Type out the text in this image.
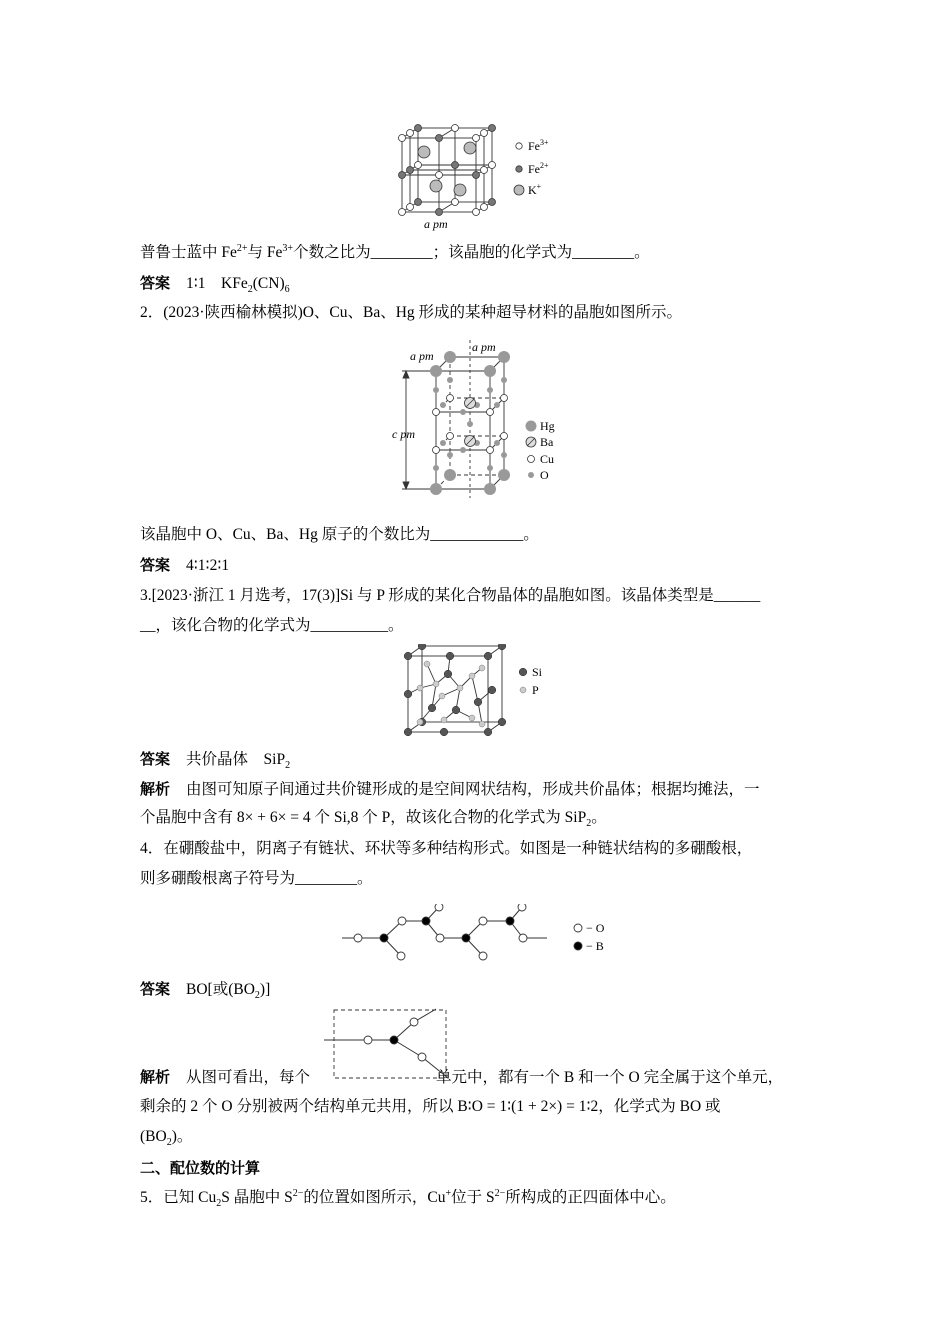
a pm
$Fe^{3+}$
$Fe^{2+}$
K+
普鲁士蓝中 $Fe^{2+}$与 $Fe^{3+}$个数之比为________；该晶胞的化学式为________。
答案 1∶1　$KFe_2(CN)_6$
2．(2023·陕西榆林模拟)O、Cu、Ba、Hg 形成的某种超导材料的晶胞如图所示。
a pm
a pm
c pm
Hg
Ba
Cu
O
该晶胞中 O、Cu、Ba、Hg 原子的个数比为____________。
答案 4∶1∶2∶1
3.[2023·浙江 1 月选考，17(3)]Si 与 P 形成的某化合物晶体的晶胞如图。该晶体类型是______
__，该化合物的化学式为__________。
Si
P
答案 共价晶体　SiP$_2$
解析 由图可知原子间通过共价键形成的是空间网状结构，形成共价晶体；根据均摊法，一
个晶胞中含有 8× + 6× = 4 个 Si,8 个 P，故该化合物的化学式为 SiP$_2$。
4．在硼酸盐中，阴离子有链状、环状等多种结构形式。如图是一种链状结构的多硼酸根，
则多硼酸根离子符号为________。
− O
− B
答案 BO[或$(BO_2)$]
解析 从图可看出，每个	单元中，都有一个 B 和一个 O 完全属于这个单元，
剩余的 2 个 O 分别被两个结构单元共用，所以 B∶O = 1∶(1 + 2×) = 1∶2，化学式为 BO 或
$(BO_2)$。
二、配位数的计算
5．已知 $Cu_2S$ 晶胞中 $S^{2-}$的位置如图所示，Cu+位于 $S^{2-}$所构成的正四面体中心。
